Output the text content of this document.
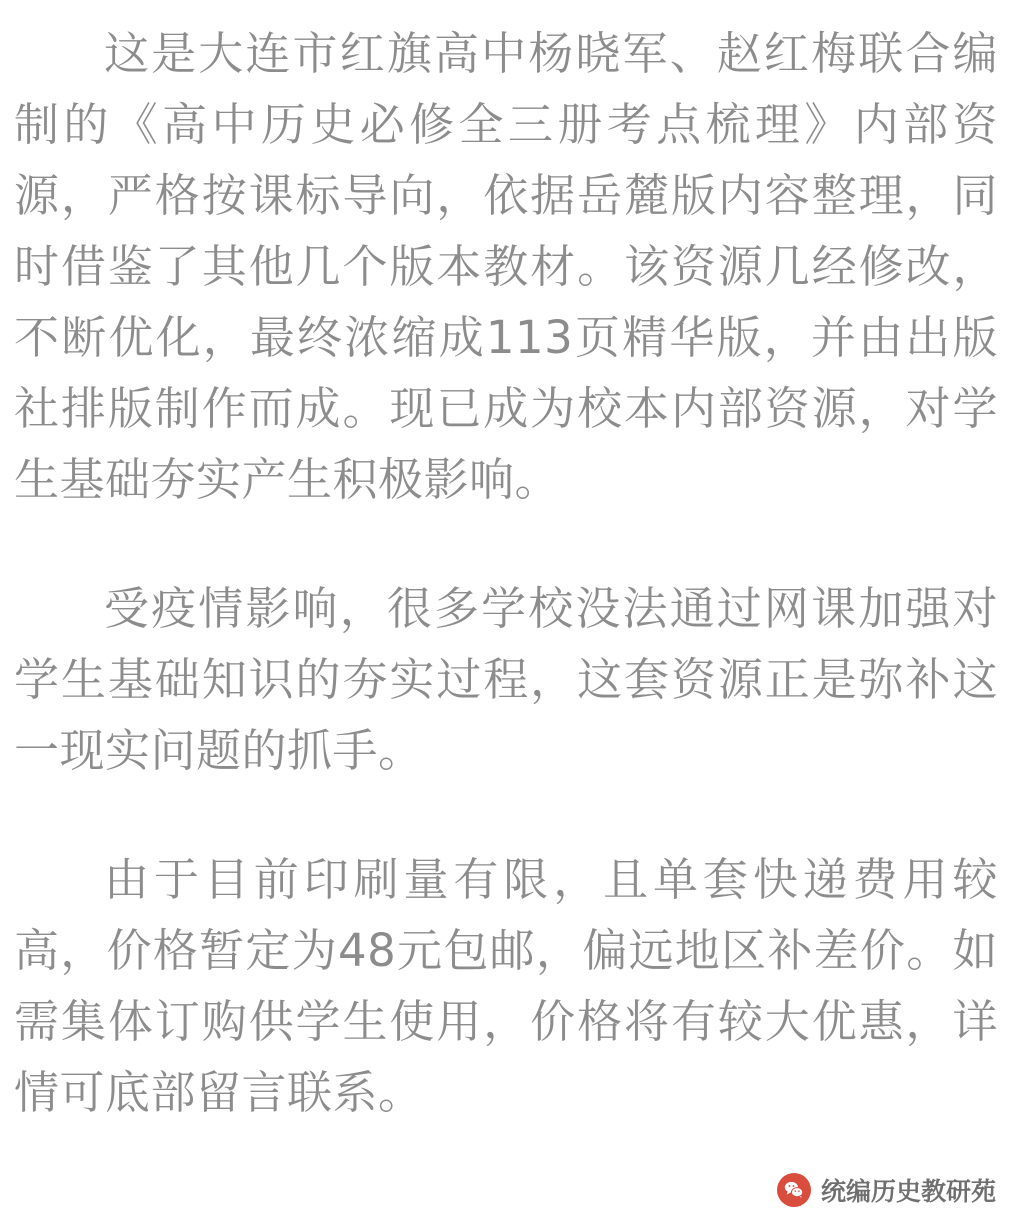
这是大连市红旗高中杨晓军、赵红梅联合编制的《高中历史必修全三册考点梳理》内部资源，严格按课标导向，依据岳麓版内容整理，同时借鉴了其他几个版本教材。该资源几经修改，不断优化，最终浓缩成113页精华版，并由出版社排版制作而成。现已成为校本内部资源，对学生基础夯实产生积极影响。

受疫情影响，很多学校没法通过网课加强对学生基础知识的夯实过程，这套资源正是弥补这一现实问题的抓手。

由于目前印刷量有限，且单套快递费用较高，价格暂定为48元包邮，偏远地区补差价。如需集体订购供学生使用，价格将有较大优惠，详情可底部留言联系。

统编历史教研苑
